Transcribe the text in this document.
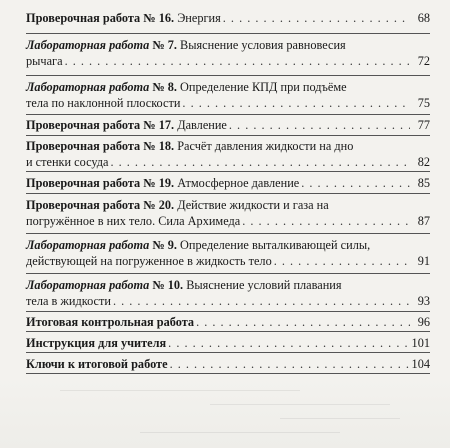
Проверочная работа № 16. Энергия . . .	68
Лабораторная работа № 7. Выяснение условия равновесия
рычага . . .	72
Лабораторная работа № 8. Определение КПД при подъёме
тела по наклонной плоскости . . .	75
Проверочная работа № 17. Давление . . .	77
Проверочная работа № 18. Расчёт давления жидкости на дно
и стенки сосуда . . .	82
Проверочная работа № 19. Атмосферное давление . . .	85
Проверочная работа № 20. Действие жидкости и газа на
погружённое в них тело. Сила Архимеда . . .	87
Лабораторная работа № 9. Определение выталкивающей силы,
действующей на погруженное в жидкость тело . . .	91
Лабораторная работа № 10. Выяснение условий плавания
тела в жидкости . . .	93
Итоговая контрольная работа . . .	96
Инструкция для учителя . . .	101
Ключи к итоговой работе . . .	104
. . .
